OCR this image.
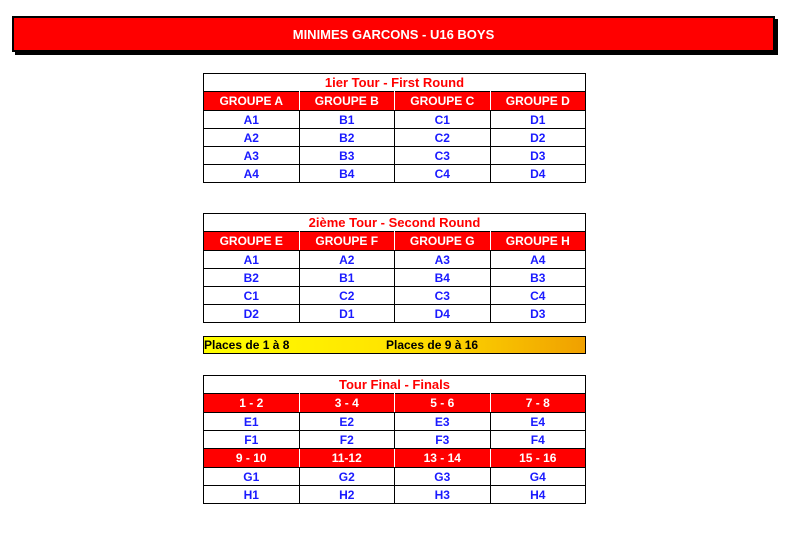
MINIMES GARCONS - U16 BOYS
1ier Tour - First Round			
GROUPE A	GROUPE B	GROUPE C	GROUPE D
A1	B1	C1	D1
A2	B2	C2	D2
A3	B3	C3	D3
A4	B4	C4	D4
2ième Tour - Second Round			
GROUPE E	GROUPE F	GROUPE G	GROUPE H
A1	A2	A3	A4
B2	B1	B4	B3
C1	C2	C3	C4
D2	D1	D4	D3
Places de 1 à 8	Places de 9 à 16
Tour Final - Finals			
1 - 2	3 - 4	5 - 6	7 - 8
E1	E2	E3	E4
F1	F2	F3	F4
9 - 10	11-12	13 - 14	15 - 16
G1	G2	G3	G4
H1	H2	H3	H4
